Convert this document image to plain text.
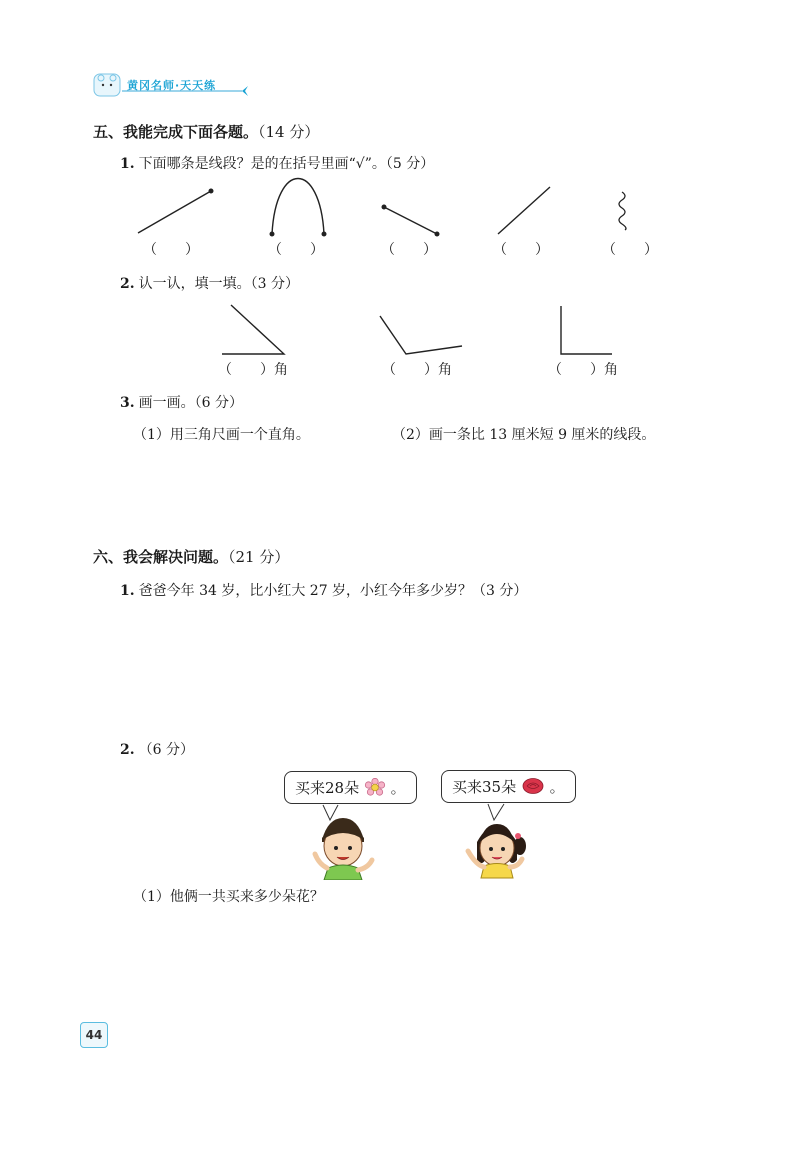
黄冈名师·天天练
五、我能完成下面各题。（14 分）
1. 下面哪条是线段？是的在括号里画“√”。（5 分）
（　　）	（　　）	（　　）	（　　）	（　　）
2. 认一认，填一填。（3 分）
（　　）角	（　　）角	（　　）角
3. 画一画。（6 分）
（1）用三角尺画一个直角。	（2）画一条比 13 厘米短 9 厘米的线段。
六、我会解决问题。（21 分）
1. 爸爸今年 34 岁，比小红大 27 岁，小红今年多少岁？（3 分）
2. （6 分）
买来28朵 。	买来35朵 。
（1）他俩一共买来多少朵花？
44
